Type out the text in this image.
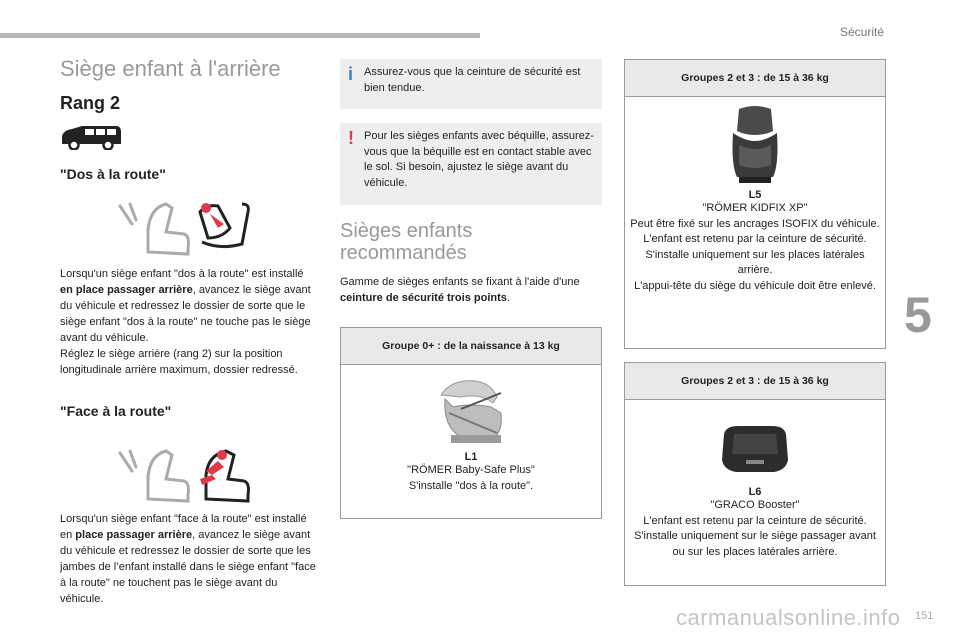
Sécurité
5
Siège enfant à l'arrière
Rang 2
"Dos à la route"
Lorsqu'un siège enfant "dos à la route" est installé en place passager arrière, avancez le siège avant du véhicule et redressez le dossier de sorte que le siège enfant "dos à la route" ne touche pas le siège avant du véhicule.
Réglez le siège arrière (rang 2) sur la position longitudinale arrière maximum, dossier redressé.
"Face à la route"
Lorsqu'un siège enfant "face à la route" est installé en place passager arrière, avancez le siège avant du véhicule et redressez le dossier de sorte que les jambes de l’enfant installé dans le siège enfant "face à la route" ne touchent pas le siège avant du véhicule.
i Assurez-vous que la ceinture de sécurité est bien tendue.
! Pour les sièges enfants avec béquille, assurez-vous que la béquille est en contact stable avec le sol. Si besoin, ajustez le siège avant du véhicule.
Sièges enfants recommandés
Gamme de sièges enfants se fixant à l'aide d'une ceinture de sécurité trois points.
Groupe 0+ : de la naissance à 13 kg
L1
"RÖMER Baby-Safe Plus"
S'installe "dos à la route".
Groupes 2 et 3 : de 15 à 36 kg
L5
"RÖMER KIDFIX XP"
Peut être fixé sur les ancrages ISOFIX du véhicule.
L'enfant est retenu par la ceinture de sécurité.
S'installe uniquement sur les places latérales arrière.
L'appui-tête du siège du véhicule doit être enlevé.
Groupes 2 et 3 : de 15 à 36 kg
L6
"GRACO Booster"
L'enfant est retenu par la ceinture de sécurité.
S'installe uniquement sur le siège passager avant ou sur les places latérales arrière.
carmanualsonline.info 151
